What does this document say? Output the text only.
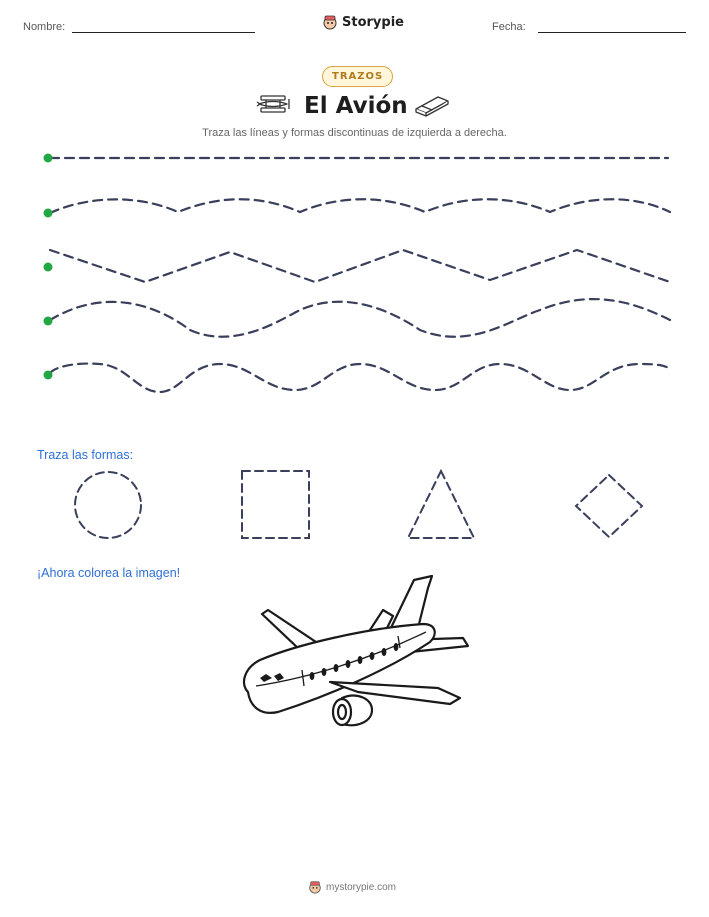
Nombre:	Storypie	Fecha:
TRAZOS
El Avión
Traza las líneas y formas discontinuas de izquierda a derecha.
Traza las formas:
¡Ahora colorea la imagen!
mystorypie.com
